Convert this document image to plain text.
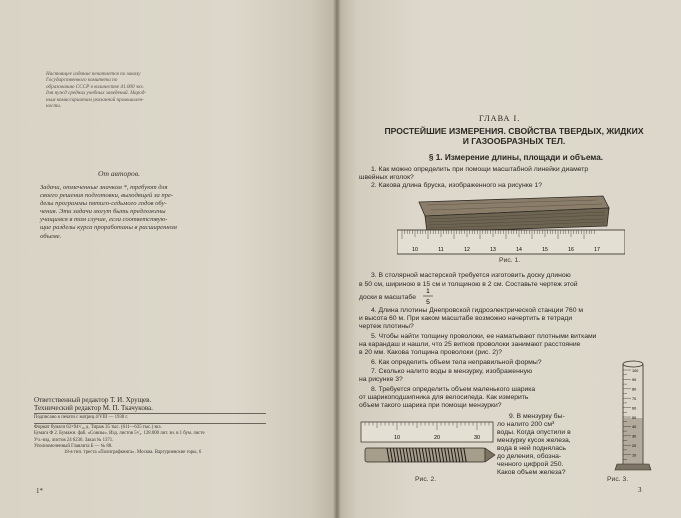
Настоящее издание печатается по заказу
Государственного комитета по
образованию СССР в количестве 41.000 экз.
для нужд средних учебных заведений. Народ-
ным комиссариатам указанной промышлен-
ности.
От авторов.
Задачи, отмеченные значком *, требуют для
своего решения подготовки, выходящей за пре-
делы программы пятиго-седьмого годов обу-
чения. Эти задачи могут быть предложены
учащимся в том случае, если соответствую-
щие разделы курса проработаны в расширенном
объеме.
Ответственный редактор Т. И. Хрущев.
Технический редактор М. П. Ткачукова.
Подписано к печати с матриц 4/VIII — 1938 г.
Формат бумаги 62×94¹/₁₆ д. Тираж 35 тыс. (611—635 тыс.) экз.
Бумага Ф 2. Бумажн. фаб. «Союзы». Изд. листов 5¹/₂. 128.000 лит. зн. в 1 бум. листе
Уч.-изд. листов 24 6236. Заказ № 1371.
Уполномоченный Главлита Б — № 88.
18-я тип. треста «Полиграфкнига». Москва. Вартуриевские горы, 6
1*
ГЛАВА I.
ПРОСТЕЙШИЕ ИЗМЕРЕНИЯ. СВОЙСТВА ТВЕРДЫХ, ЖИДКИХ
И ГАЗООБРАЗНЫХ ТЕЛ.
§ 1. Измерение длины, площади и объема.
1. Как можно определить при помощи масштабной линейки диаметр
швейных иголок?
2. Какова длина бруска, изображенного на рисунке 1?
10	11	12	13	14	15	16	17
Рис. 1.
3. В столярной мастерской требуется изготовить доску длиною
в 50 см, шириною в 15 см и толщиною в 2 см. Составьте чертеж этой
доски в масштабе
1
5
4. Длина плотины Днепровской гидроэлектрической станции 760 м
и высота 60 м. При каком масштабе возможно начертить в тетради
чертеж плотины?
5. Чтобы найти толщину проволоки, ее наматывают плотными витками
на карандаш и нашли, что 25 витков проволоки занимают расстояние
в 20 мм. Какова толщина проволоки (рис. 2)?
6. Как определить объем тела неправильной формы?
7. Сколько налито воды в мензурку, изображенную
на рисунке 3?
8. Требуется определить объем маленького шарика
от шарикоподшипника для велосипеда. Как измерить
объем такого шарика при помощи мензурки?
9. В мензурку бы-
ло налито 200 см³
воды. Когда опустили в
мензурку кусок железа,
вода в ней поднялась
до деления, обозна-
ченного цифрой 250.
Каков объем железа?
10	20	30
Рис. 2.
100
90
80
70
60
50
40
30
20
10
Рис. 3.
3
